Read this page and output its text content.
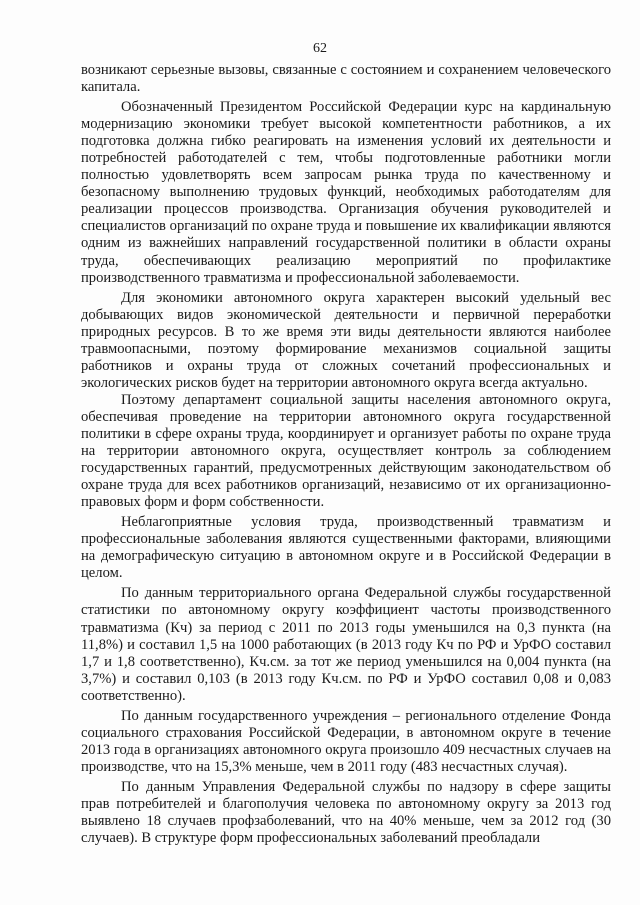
62

возникают серьезные вызовы, связанные с состоянием и сохранением человеческого капитала.

Обозначенный Президентом Российской Федерации курс на кардинальную модернизацию экономики требует высокой компетентности работников, а их подготовка должна гибко реагировать на изменения условий их деятельности и потребностей работодателей с тем, чтобы подготовленные работники могли полностью удовлетворять всем запросам рынка труда по качественному и безопасному выполнению трудовых функций, необходимых работодателям для реализации процессов производства. Организация обучения руководителей и специалистов организаций по охране труда и повышение их квалификации являются одним из важнейших направлений государственной политики в области охраны труда, обеспечивающих реализацию мероприятий по профилактике производственного травматизма и профессиональной заболеваемости.

Для экономики автономного округа характерен высокий удельный вес добывающих видов экономической деятельности и первичной переработки природных ресурсов. В то же время эти виды деятельности являются наиболее травмоопасными, поэтому формирование механизмов социальной защиты работников и охраны труда от сложных сочетаний профессиональных и экологических рисков будет на территории автономного округа всегда актуально.

Поэтому департамент социальной защиты населения автономного округа, обеспечивая проведение на территории автономного округа государственной политики в сфере охраны труда, координирует и организует работы по охране труда на территории автономного округа, осуществляет контроль за соблюдением государственных гарантий, предусмотренных действующим законодательством об охране труда для всех работников организаций, независимо от их организационно-правовых форм и форм собственности.

Неблагоприятные условия труда, производственный травматизм и профессиональные заболевания являются существенными факторами, влияющими на демографическую ситуацию в автономном округе и в Российской Федерации в целом.

По данным территориального органа Федеральной службы государственной статистики по автономному округу коэффициент частоты производственного травматизма (Кч) за период с 2011 по 2013 годы уменьшился на 0,3 пункта (на 11,8%) и составил 1,5 на 1000 работающих (в 2013 году Кч по РФ и УрФО составил 1,7 и 1,8 соответственно), Кч.см. за тот же период уменьшился на 0,004 пункта (на 3,7%) и составил 0,103 (в 2013 году Кч.см. по РФ и УрФО составил 0,08 и 0,083 соответственно).

По данным государственного учреждения – регионального отделение Фонда социального страхования Российской Федерации, в автономном округе в течение 2013 года в организациях автономного округа произошло 409 несчастных случаев на производстве, что на 15,3% меньше, чем в 2011 году (483 несчастных случая).

По данным Управления Федеральной службы по надзору в сфере защиты прав потребителей и благополучия человека по автономному округу за 2013 год выявлено 18 случаев профзаболеваний, что на 40% меньше, чем за 2012 год (30 случаев). В структуре форм профессиональных заболеваний преобладали
